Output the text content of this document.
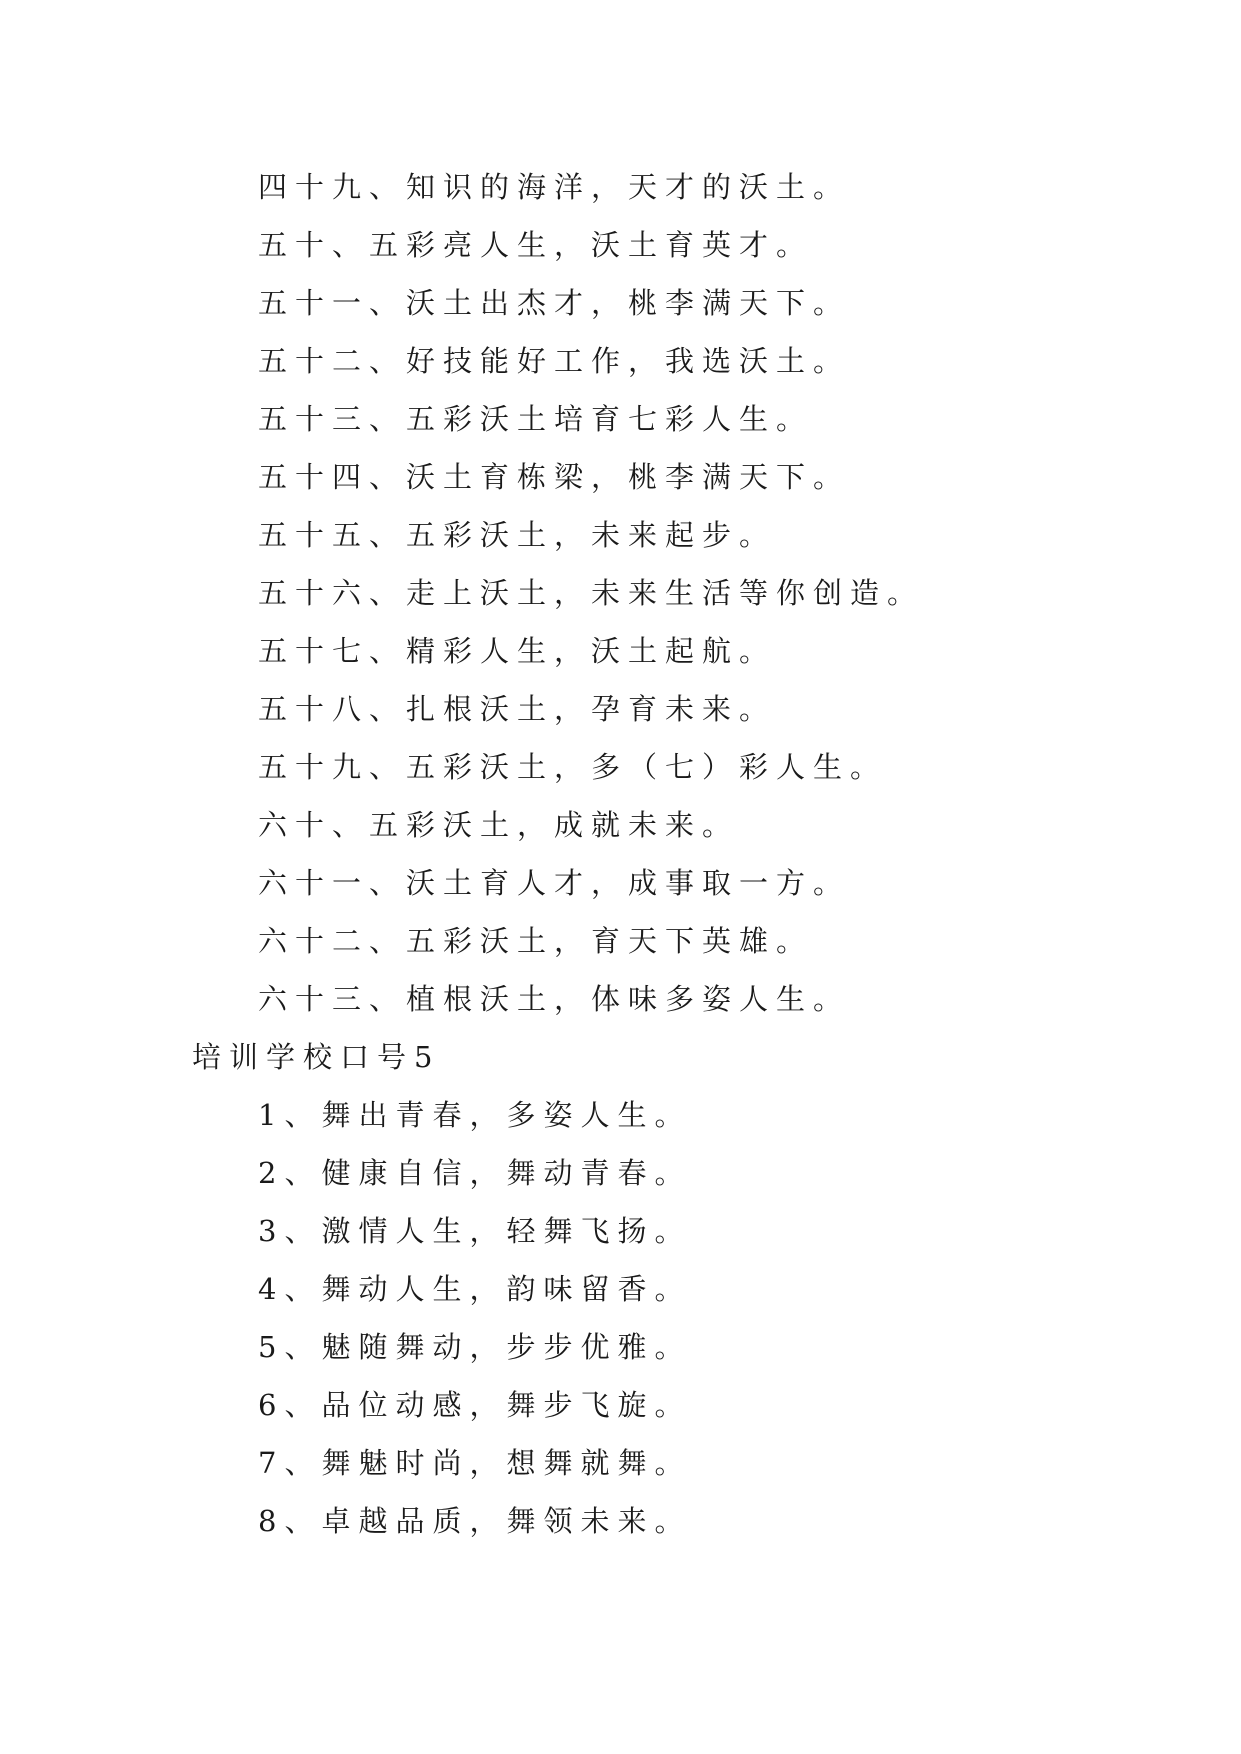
四十九、知识的海洋，天才的沃土。

五十、五彩亮人生，沃土育英才。

五十一、沃土出杰才，桃李满天下。

五十二、好技能好工作，我选沃土。

五十三、五彩沃土培育七彩人生。

五十四、沃土育栋梁，桃李满天下。

五十五、五彩沃土，未来起步。

五十六、走上沃土，未来生活等你创造。

五十七、精彩人生，沃土起航。

五十八、扎根沃土，孕育未来。

五十九、五彩沃土，多（七）彩人生。

六十、五彩沃土，成就未来。

六十一、沃土育人才，成事取一方。

六十二、五彩沃土，育天下英雄。

六十三、植根沃土，体味多姿人生。

培训学校口号5

1、舞出青春，多姿人生。

2、健康自信，舞动青春。

3、激情人生，轻舞飞扬。

4、舞动人生，韵味留香。

5、魅随舞动，步步优雅。

6、品位动感，舞步飞旋。

7、舞魅时尚，想舞就舞。

8、卓越品质，舞领未来。
